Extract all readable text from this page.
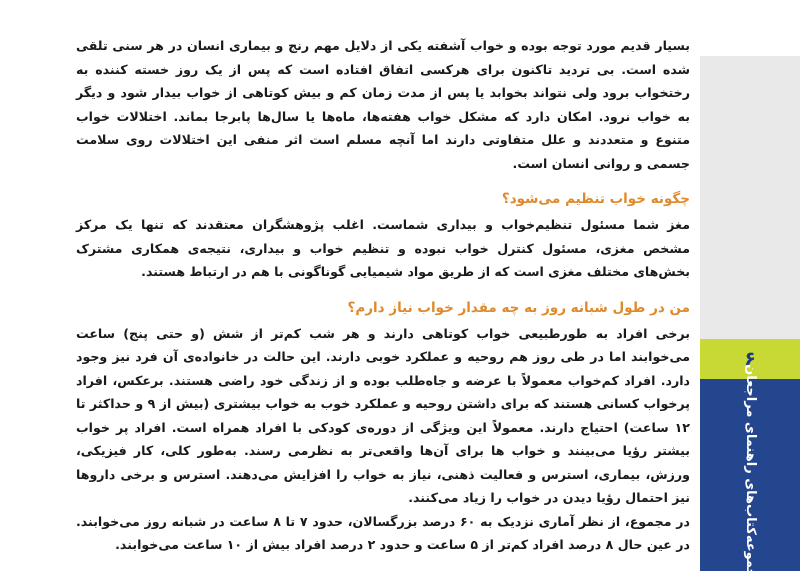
بسیار قدیم مورد توجه بوده و خواب آشفته یکی از دلایل مهم رنج و بیماری انسان در هر سنی تلقی شده است. بی تردید تاکنون برای هرکسی اتفاق افتاده است که پس از یک روز خسته کننده به رختخواب برود ولی نتواند بخوابد یا پس از مدت زمان کم و بیش کوتاهی از خواب بیدار شود و دیگر به خواب نرود. امکان دارد که مشکل خواب هفته‌ها، ماه‌ها یا سال‌ها پابرجا بماند. اختلالات خواب متنوع و متعددند و علل متفاوتی دارند اما آنچه مسلم است اثر منفی این اختلالات روی سلامت جسمی و روانی انسان است.

چگونه خواب تنظیم می‌شود؟

مغز شما مسئول تنظیم‌خواب و بیداری شماست. اغلب پژوهشگران معتقدند که تنها یک مرکز مشخص مغزی، مسئول کنترل خواب نبوده و تنظیم خواب و بیداری، نتیجه‌ی همکاری مشترک بخش‌های مختلف مغزی است که از طریق مواد شیمیایی گوناگونی با هم در ارتباط هستند.

من در طول شبانه روز به چه مقدار خواب نیاز دارم؟

برخی افراد به طورطبیعی خواب کوتاهی دارند و هر شب کم‌تر از شش (و حتی پنج) ساعت می‌خوابند اما در طی روز هم روحیه و عملکرد خوبی دارند. این حالت در خانواده‌ی آن فرد نیز وجود دارد. افراد کم‌خواب معمولاً با عرضه و جاه‌طلب بوده و از زندگی خود راضی هستند. برعکس، افراد پرخواب کسانی هستند که برای داشتن روحیه و عملکرد خوب به خواب بیشتری (بیش از ۹ و حداکثر تا ۱۲ ساعت) احتیاج دارند. معمولاً این ویژگی از دوره‌ی کودکی با افراد همراه است. افراد پر خواب بیشتر رؤیا می‌بینند و خواب ها برای آن‌ها واقعی‌تر به نظرمی رسند. به‌طور کلی، کار فیزیکی، ورزش، بیماری، استرس و فعالیت ذهنی، نیاز به خواب را افزایش می‌دهند. استرس و برخی داروها نیز احتمال رؤیا دیدن در خواب را زیاد می‌کنند.

در مجموع، از نظر آماری نزدیک به ۶۰ درصد بزرگسالان، حدود ۷ تا ۸ ساعت در شبانه روز می‌خوابند. در عین حال ۸ درصد افراد کم‌تر از ۵ ساعت و حدود ۲ درصد افراد بیش از ۱۰ ساعت می‌خوابند.

۶
مجموعه‌کتاب‌های راهنمای مراجعان
